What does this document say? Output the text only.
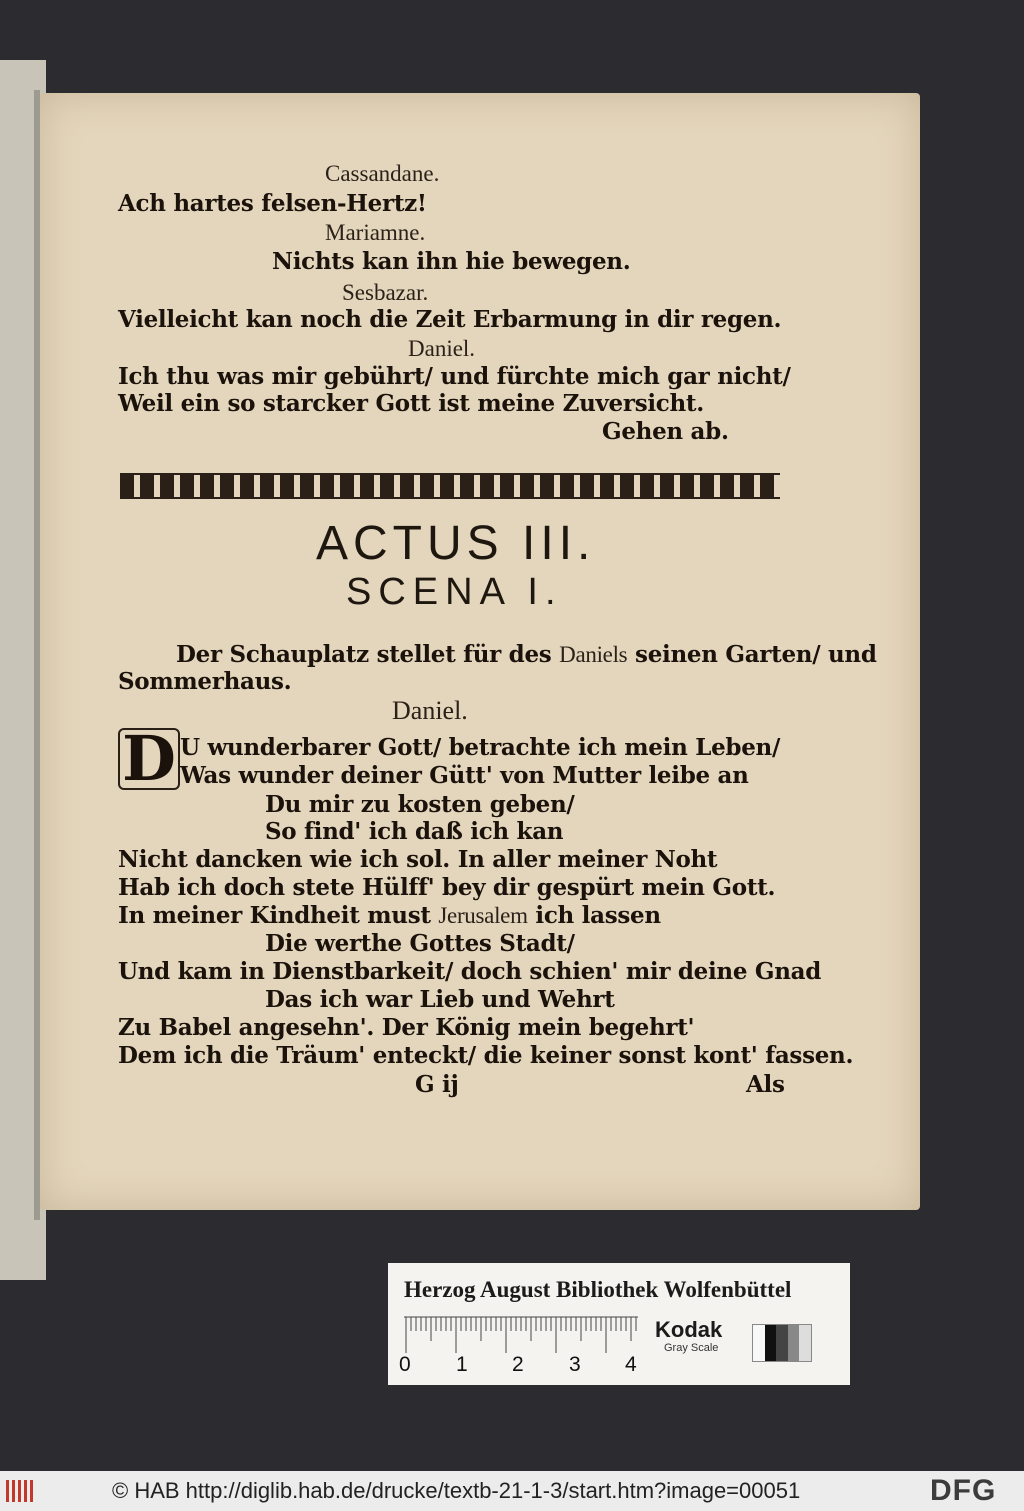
Cassandane.

Ach hartes felsen-Hertz!

Mariamne.

Nichts kan ihn hie bewegen.

Sesbazar.

Vielleicht kan noch die Zeit Erbarmung in dir regen.

Daniel.

Ich thu was mir gebührt/ und fürchte mich gar nicht/

Weil ein so starcker Gott ist meine Zuversicht.

Gehen ab.

ACTUS III.

SCENA I.

Der Schauplatz stellet für des Daniels seinen Garten/ und

Sommerhaus.

Daniel.

D U wunderbarer Gott/ betrachte ich mein Leben/

Was wunder deiner Gütt' von Mutter leibe an

Du mir zu kosten geben/

So find' ich daß ich kan

Nicht dancken wie ich sol. In aller meiner Noht

Hab ich doch stete Hülff' bey dir gespürt mein Gott.

In meiner Kindheit must Jerusalem ich lassen

Die werthe Gottes Stadt/

Und kam in Dienstbarkeit/ doch schien' mir deine Gnad

Das ich war Lieb und Wehrt

Zu Babel angesehn'. Der König mein begehrt'

Dem ich die Träum' enteckt/ die keiner sonst kont' fassen.

G ij	Als

Herzog August Bibliothek Wolfenbüttel
0 1 2 3 4
Kodak
Gray Scale
© HAB http://diglib.hab.de/drucke/textb-21-1-3/start.htm?image=00051	DFG
